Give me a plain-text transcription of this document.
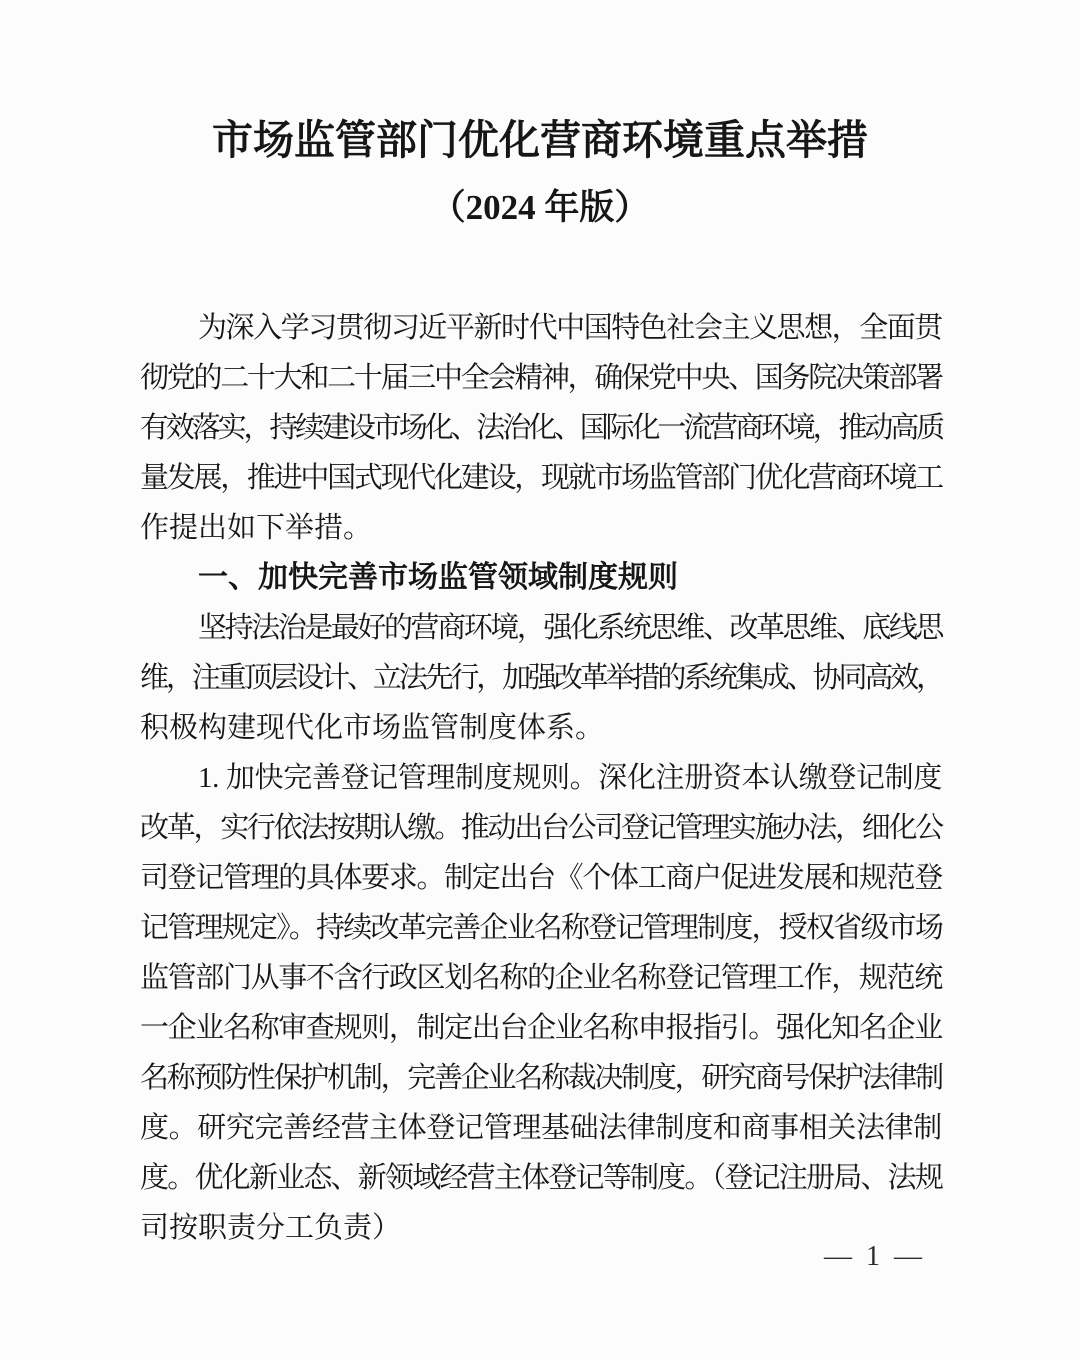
市场监管部门优化营商环境重点举措
（2024 年版）
为深入学习贯彻习近平新时代中国特色社会主义思想，全面贯
彻党的二十大和二十届三中全会精神，确保党中央、国务院决策部署
有效落实，持续建设市场化、法治化、国际化一流营商环境，推动高质
量发展，推进中国式现代化建设，现就市场监管部门优化营商环境工
作提出如下举措。
一、加快完善市场监管领域制度规则
坚持法治是最好的营商环境，强化系统思维、改革思维、底线思
维，注重顶层设计、立法先行，加强改革举措的系统集成、协同高效，
积极构建现代化市场监管制度体系。
1. 加快完善登记管理制度规则。深化注册资本认缴登记制度
改革，实行依法按期认缴。推动出台公司登记管理实施办法，细化公
司登记管理的具体要求。制定出台《个体工商户促进发展和规范登
记管理规定》。持续改革完善企业名称登记管理制度，授权省级市场
监管部门从事不含行政区划名称的企业名称登记管理工作，规范统
一企业名称审查规则，制定出台企业名称申报指引。强化知名企业
名称预防性保护机制，完善企业名称裁决制度，研究商号保护法律制
度。研究完善经营主体登记管理基础法律制度和商事相关法律制
度。优化新业态、新领域经营主体登记等制度。（登记注册局、法规
司按职责分工负责）
—  1  —
